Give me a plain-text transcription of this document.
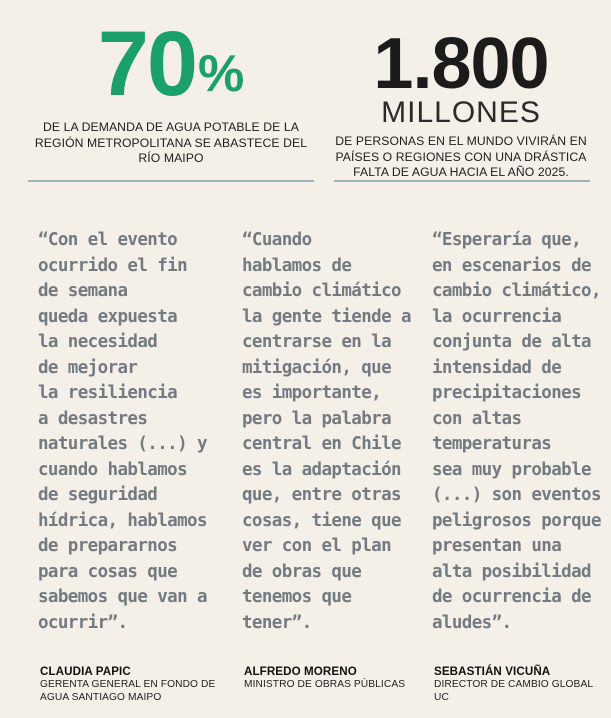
70%
DE LA DEMANDA DE AGUA POTABLE DE LA REGIÓN METROPOLITANA SE ABASTECE DEL RÍO MAIPO
1.800
MILLONES
DE PERSONAS EN EL MUNDO VIVIRÁN EN PAÍSES O REGIONES CON UNA DRÁSTICA FALTA DE AGUA HACIA EL AÑO 2025.
“Con el evento
ocurrido el fin
de semana
queda expuesta
la necesidad
de mejorar
la resiliencia
a desastres
naturales (...) y
cuando hablamos
de seguridad
hídrica, hablamos
de prepararnos
para cosas que
sabemos que van a
ocurrir”.
“Cuando
hablamos de
cambio climático
la gente tiende a
centrarse en la
mitigación, que
es importante,
pero la palabra
central en Chile
es la adaptación
que, entre otras
cosas, tiene que
ver con el plan
de obras que
tenemos que
tener”.
“Esperaría que,
en escenarios de
cambio climático,
la ocurrencia
conjunta de alta
intensidad de
precipitaciones
con altas
temperaturas
sea muy probable
(...) son eventos
peligrosos porque
presentan una
alta posibilidad
de ocurrencia de
aludes”.
CLAUDIA PAPIC
GERENTA GENERAL EN FONDO DE AGUA SANTIAGO MAIPO
ALFREDO MORENO
MINISTRO DE OBRAS PÚBLICAS
SEBASTIÁN VICUÑA
DIRECTOR DE CAMBIO GLOBAL UC
